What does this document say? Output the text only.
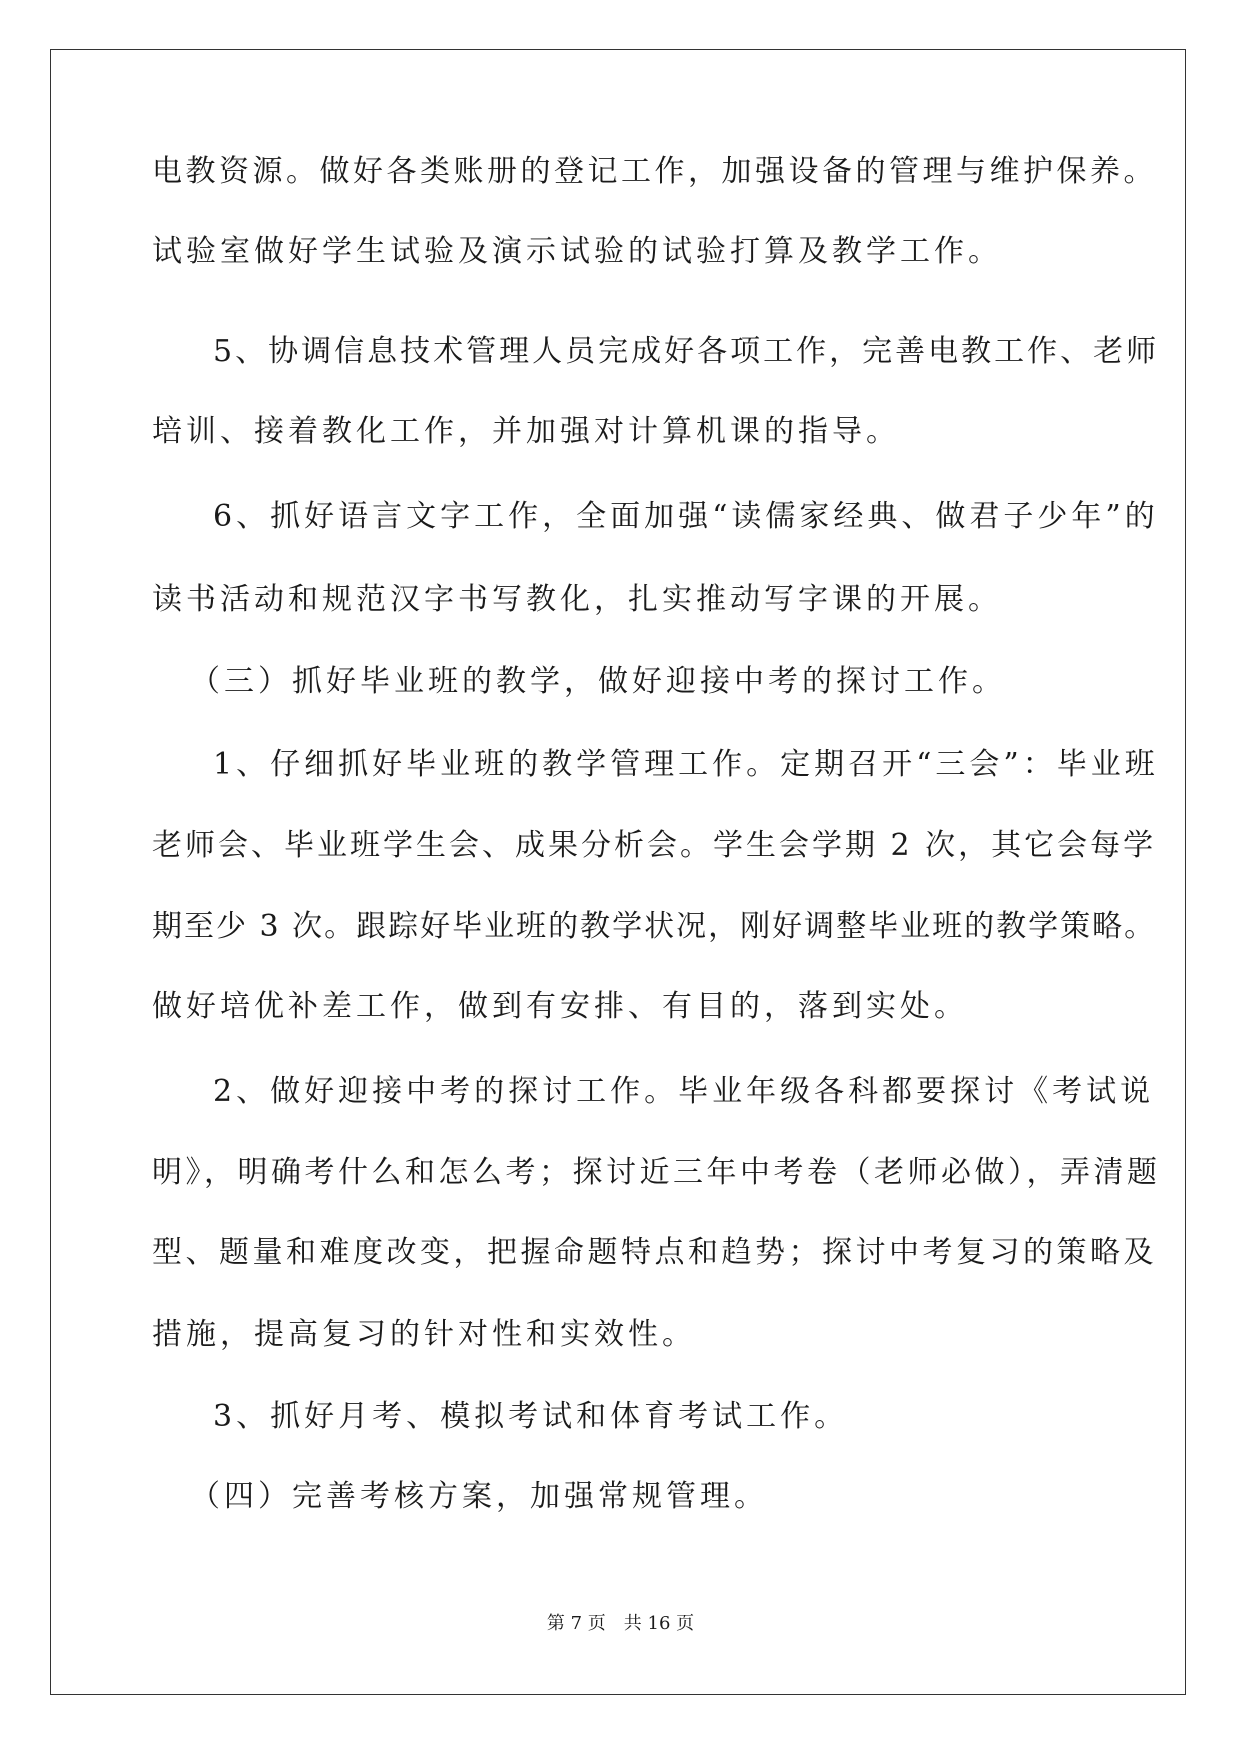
电教资源。做好各类账册的登记工作，加强设备的管理与维护保养。
试验室做好学生试验及演示试验的试验打算及教学工作。
5、协调信息技术管理人员完成好各项工作，完善电教工作、老师
培训、接着教化工作，并加强对计算机课的指导。
6、抓好语言文字工作，全面加强“读儒家经典、做君子少年”的
读书活动和规范汉字书写教化，扎实推动写字课的开展。
（三）抓好毕业班的教学，做好迎接中考的探讨工作。
1、仔细抓好毕业班的教学管理工作。定期召开“三会”：毕业班
老师会、毕业班学生会、成果分析会。学生会学期 2 次，其它会每学
期至少 3 次。跟踪好毕业班的教学状况，刚好调整毕业班的教学策略。
做好培优补差工作，做到有安排、有目的，落到实处。
2、做好迎接中考的探讨工作。毕业年级各科都要探讨《考试说
明》，明确考什么和怎么考；探讨近三年中考卷（老师必做），弄清题
型、题量和难度改变，把握命题特点和趋势；探讨中考复习的策略及
措施，提高复习的针对性和实效性。
3、抓好月考、模拟考试和体育考试工作。
（四）完善考核方案，加强常规管理。
第 7 页　共 16 页
